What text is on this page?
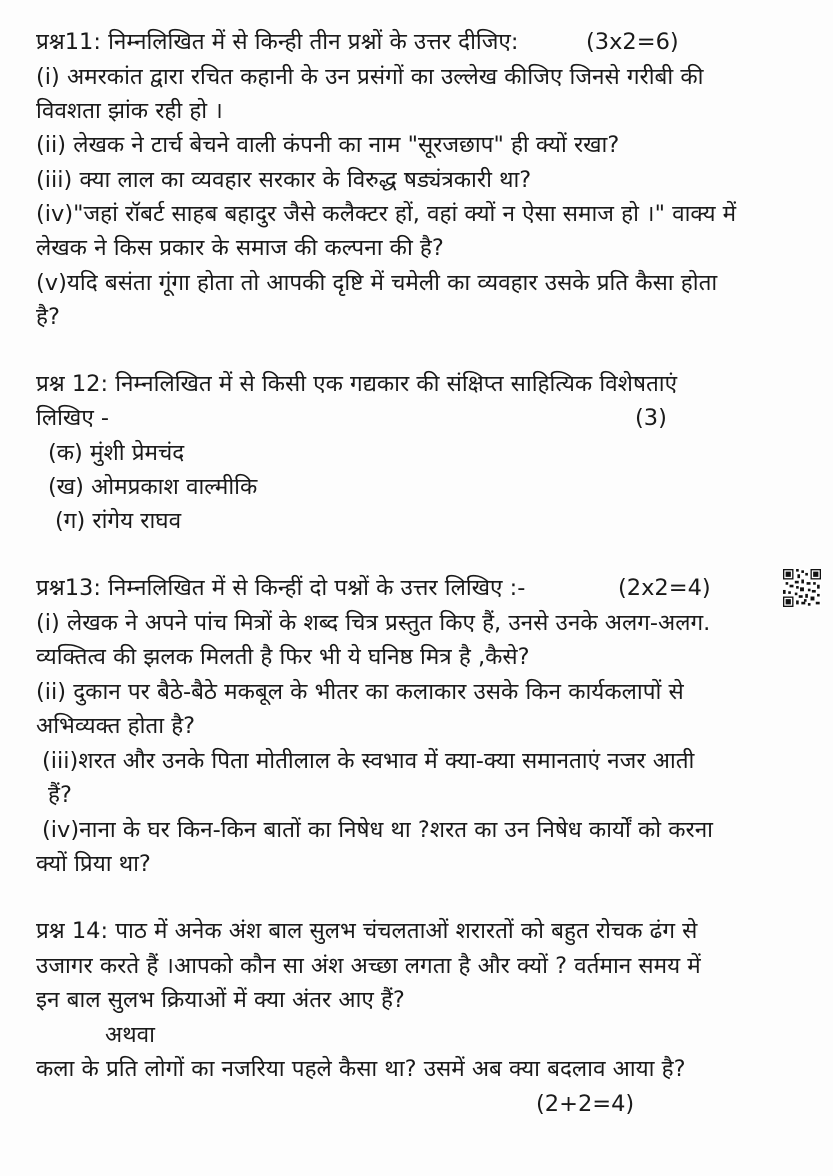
प्रश्न11: निम्नलिखित में से किन्ही तीन प्रश्नों के उत्तर दीजिए:	(3x2=6)
(i) अमरकांत द्वारा रचित कहानी के उन प्रसंगों का उल्लेख कीजिए जिनसे गरीबी की
विवशता झांक रही हो ।
(ii) लेखक ने टार्च बेचने वाली कंपनी का नाम "सूरजछाप" ही क्यों रखा?
(iii) क्या लाल का व्यवहार सरकार के विरुद्ध षड्यंत्रकारी था?
(iv)"जहां रॉबर्ट साहब बहादुर जैसे कलैक्टर हों, वहां क्यों न ऐसा समाज हो ।" वाक्य में
लेखक ने किस प्रकार के समाज की कल्पना की है?
(v)यदि बसंता गूंगा होता तो आपकी दृष्टि में चमेली का व्यवहार उसके प्रति कैसा होता
है?
प्रश्न 12: निम्नलिखित में से किसी एक गद्यकार की संक्षिप्त साहित्यिक विशेषताएं
लिखिए -	(3)
(क) मुंशी प्रेमचंद
(ख) ओमप्रकाश वाल्मीकि
(ग) रांगेय राघव
प्रश्न13: निम्नलिखित में से किन्हीं दो पश्नों के उत्तर लिखिए :-	(2x2=4)
(i) लेखक ने अपने पांच मित्रों के शब्द चित्र प्रस्तुत किए हैं, उनसे उनके अलग-अलग.
व्यक्तित्व की झलक मिलती है फिर भी ये घनिष्ठ मित्र है ,कैसे?
(ii) दुकान पर बैठे-बैठे मकबूल के भीतर का कलाकार उसके किन कार्यकलापों से
अभिव्यक्त होता है?
(iii)शरत और उनके पिता मोतीलाल के स्वभाव में क्या-क्या समानताएं नजर आती
हैं?
(iv)नाना के घर किन-किन बातों का निषेध था ?शरत का उन निषेध कार्यों को करना
क्यों प्रिया था?
प्रश्न 14: पाठ में अनेक अंश बाल सुलभ चंचलताओं शरारतों को बहुत रोचक ढंग से
उजागर करते हैं ।आपको कौन सा अंश अच्छा लगता है और क्यों ? वर्तमान समय में
इन बाल सुलभ क्रियाओं में क्या अंतर आए हैं?
अथवा
कला के प्रति लोगों का नजरिया पहले कैसा था? उसमें अब क्या बदलाव आया है?
(2+2=4)
